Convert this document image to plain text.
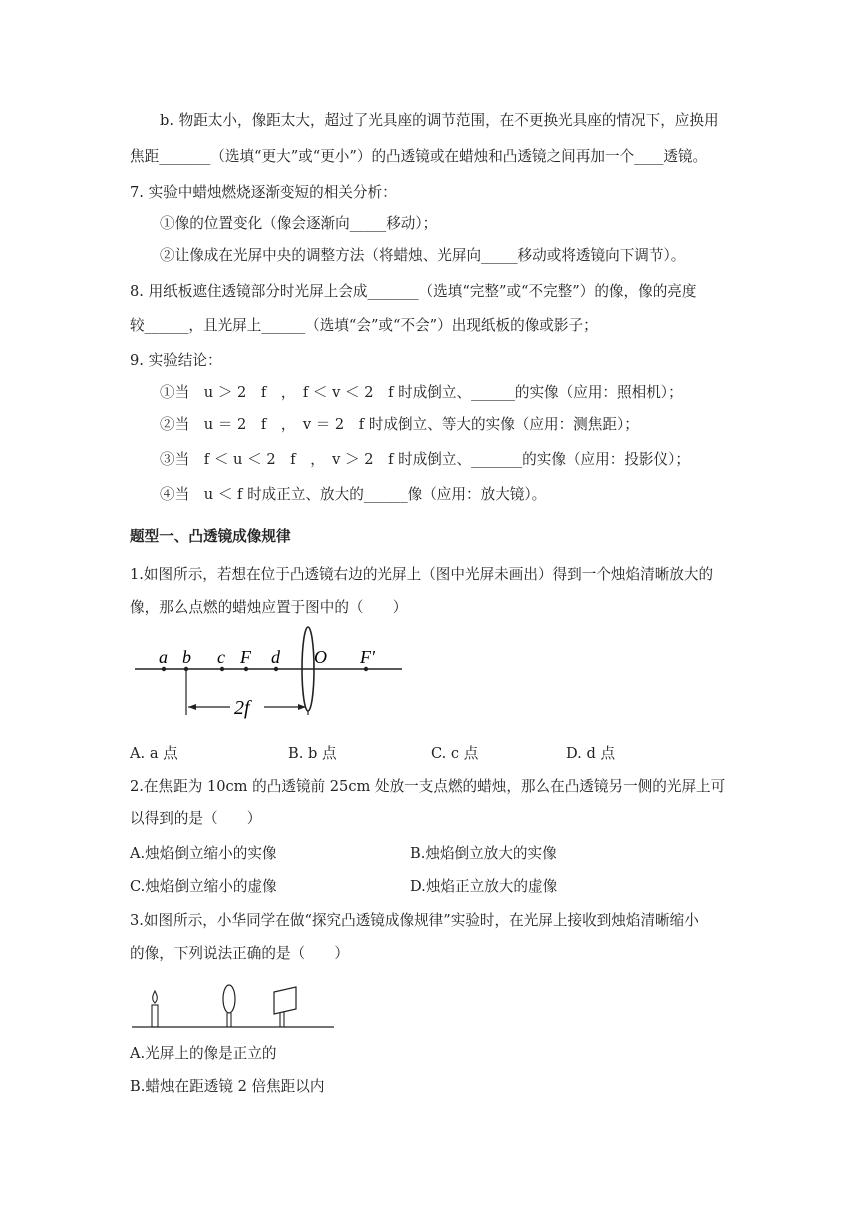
b. 物距太小，像距太大，超过了光具座的调节范围，在不更换光具座的情况下，应换用
焦距_______（选填“更大”或“更小”）的凸透镜或在蜡烛和凸透镜之间再加一个____透镜。
7. 实验中蜡烛燃烧逐渐变短的相关分析：
①像的位置变化（像会逐渐向_____移动）；
②让像成在光屏中央的调整方法（将蜡烛、光屏向_____移动或将透镜向下调节）。
8. 用纸板遮住透镜部分时光屏上会成_______（选填“完整”或“不完整”）的像，像的亮度
较______，且光屏上______（选填“会”或“不会”）出现纸板的像或影子；
9. 实验结论：
①当　u ＞ 2　f　，　f ＜ v ＜ 2　f 时成倒立、______的实像（应用：照相机）；
②当　u ＝ 2　f　，　v ＝ 2　f 时成倒立、等大的实像（应用：测焦距）；
③当　f ＜ u ＜ 2　f　，　v ＞ 2　f 时成倒立、_______的实像（应用：投影仪）；
④当　u ＜ f 时成正立、放大的______像（应用：放大镜）。
题型一、凸透镜成像规律
1.如图所示，若想在位于凸透镜右边的光屏上（图中光屏未画出）得到一个烛焰清晰放大的
像，那么点燃的蜡烛应置于图中的（　　）
a b c F d O F′
2f
A. a 点	B. b 点	C. c 点	D. d 点
2.在焦距为 10cm 的凸透镜前 25cm 处放一支点燃的蜡烛，那么在凸透镜另一侧的光屏上可
以得到的是（　　）
A.烛焰倒立缩小的实像	B.烛焰倒立放大的实像
C.烛焰倒立缩小的虚像	D.烛焰正立放大的虚像
3.如图所示，小华同学在做“探究凸透镜成像规律”实验时，在光屏上接收到烛焰清晰缩小
的像，下列说法正确的是（　　）
A.光屏上的像是正立的
B.蜡烛在距透镜 2 倍焦距以内
